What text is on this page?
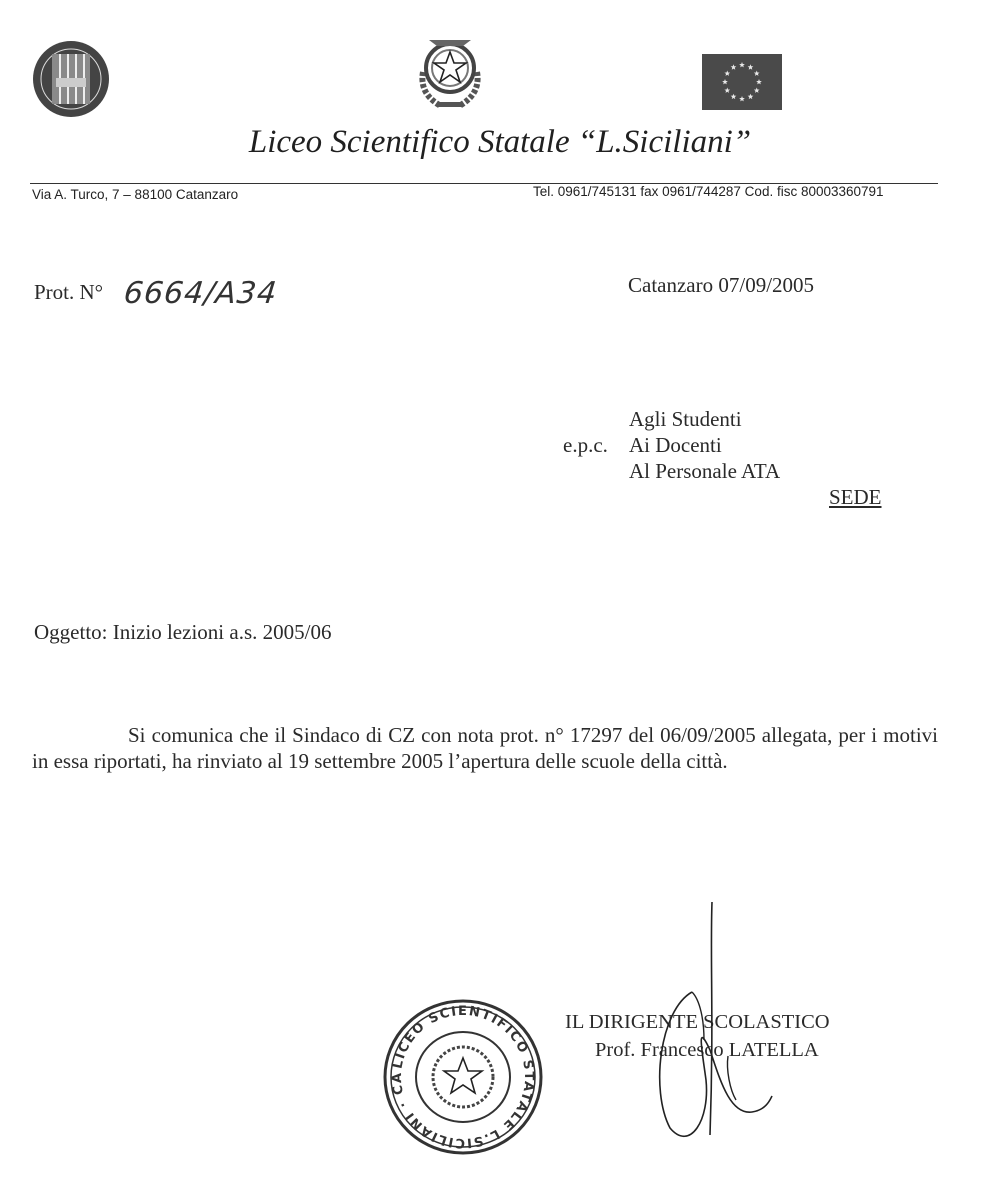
Liceo Scientifico Statale “L.Siciliani”
Via A. Turco, 7 – 88100 Catanzaro	Tel. 0961/745131 fax 0961/744287 Cod. fisc 80003360791
Prot. N° 6664/A34	Catanzaro 07/09/2005
Agli Studenti
e.p.c. Ai Docenti
Al Personale ATA
SEDE
Oggetto: Inizio lezioni a.s. 2005/06
Si comunica che il Sindaco di CZ con nota prot. n° 17297 del 06/09/2005 allegata, per i motivi in essa riportati, ha rinviato al 19 settembre 2005 l’apertura delle scuole della città.
LICEO SCIENTIFICO STATALE L.SICILIANI · CA
IL DIRIGENTE SCOLASTICO
Prof. Francesco LATELLA
